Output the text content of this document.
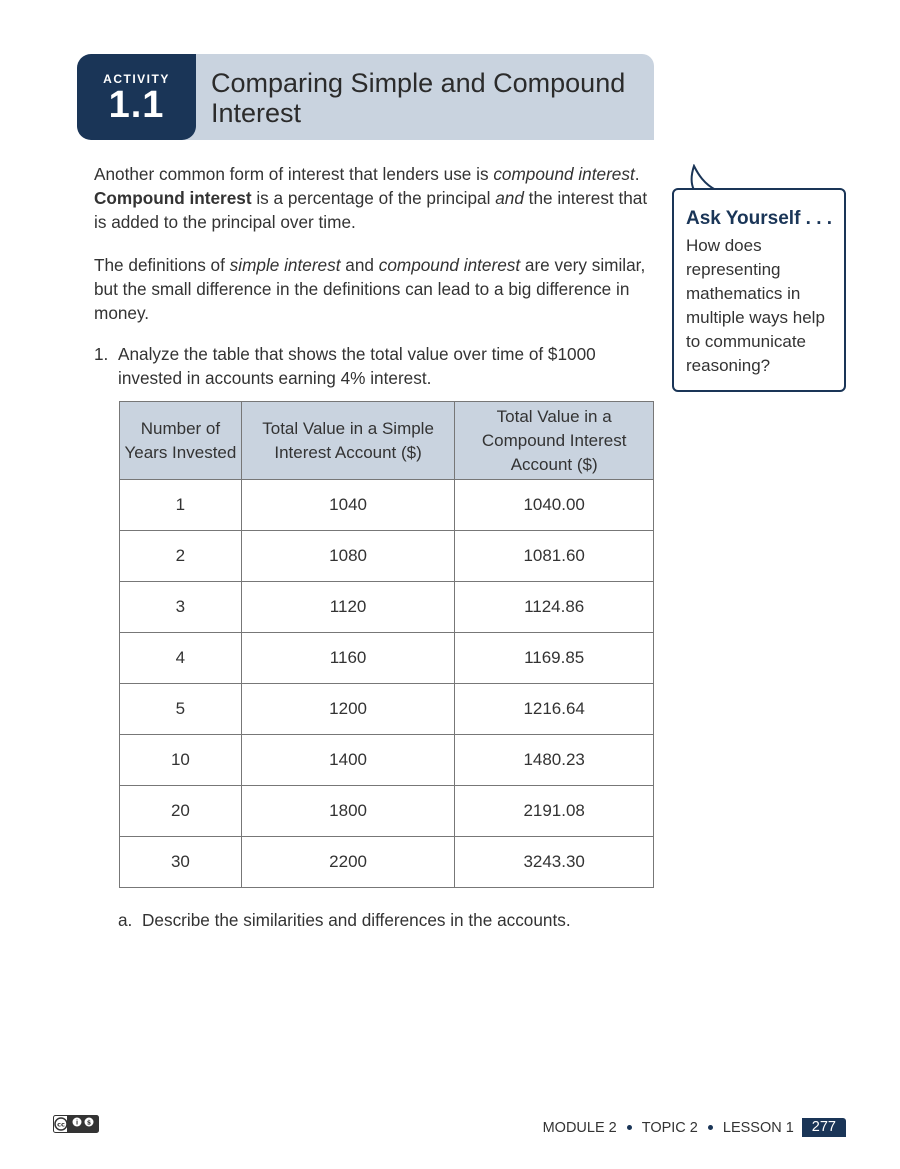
ACTIVITY
1.1
Comparing Simple and Compound Interest
Another common form of interest that lenders use is compound interest. Compound interest is a percentage of the principal and the interest that is added to the principal over time.
The definitions of simple interest and compound interest are very similar, but the small difference in the definitions can lead to a big difference in money.
1. Analyze the table that shows the total value over time of $1000 invested in accounts earning 4% interest.
Ask Yourself . . .
How does representing mathematics in multiple ways help to communicate reasoning?
Number of Years Invested	Total Value in a Simple Interest Account ($)	Total Value in a Compound Interest Account ($)
1	1040	1040.00
2	1080	1081.60
3	1120	1124.86
4	1160	1169.85
5	1200	1216.64
10	1400	1480.23
20	1800	2191.08
30	2200	3243.30
a. Describe the similarities and differences in the accounts.
cc i $	MODULE 2 TOPIC 2 LESSON 1	277
